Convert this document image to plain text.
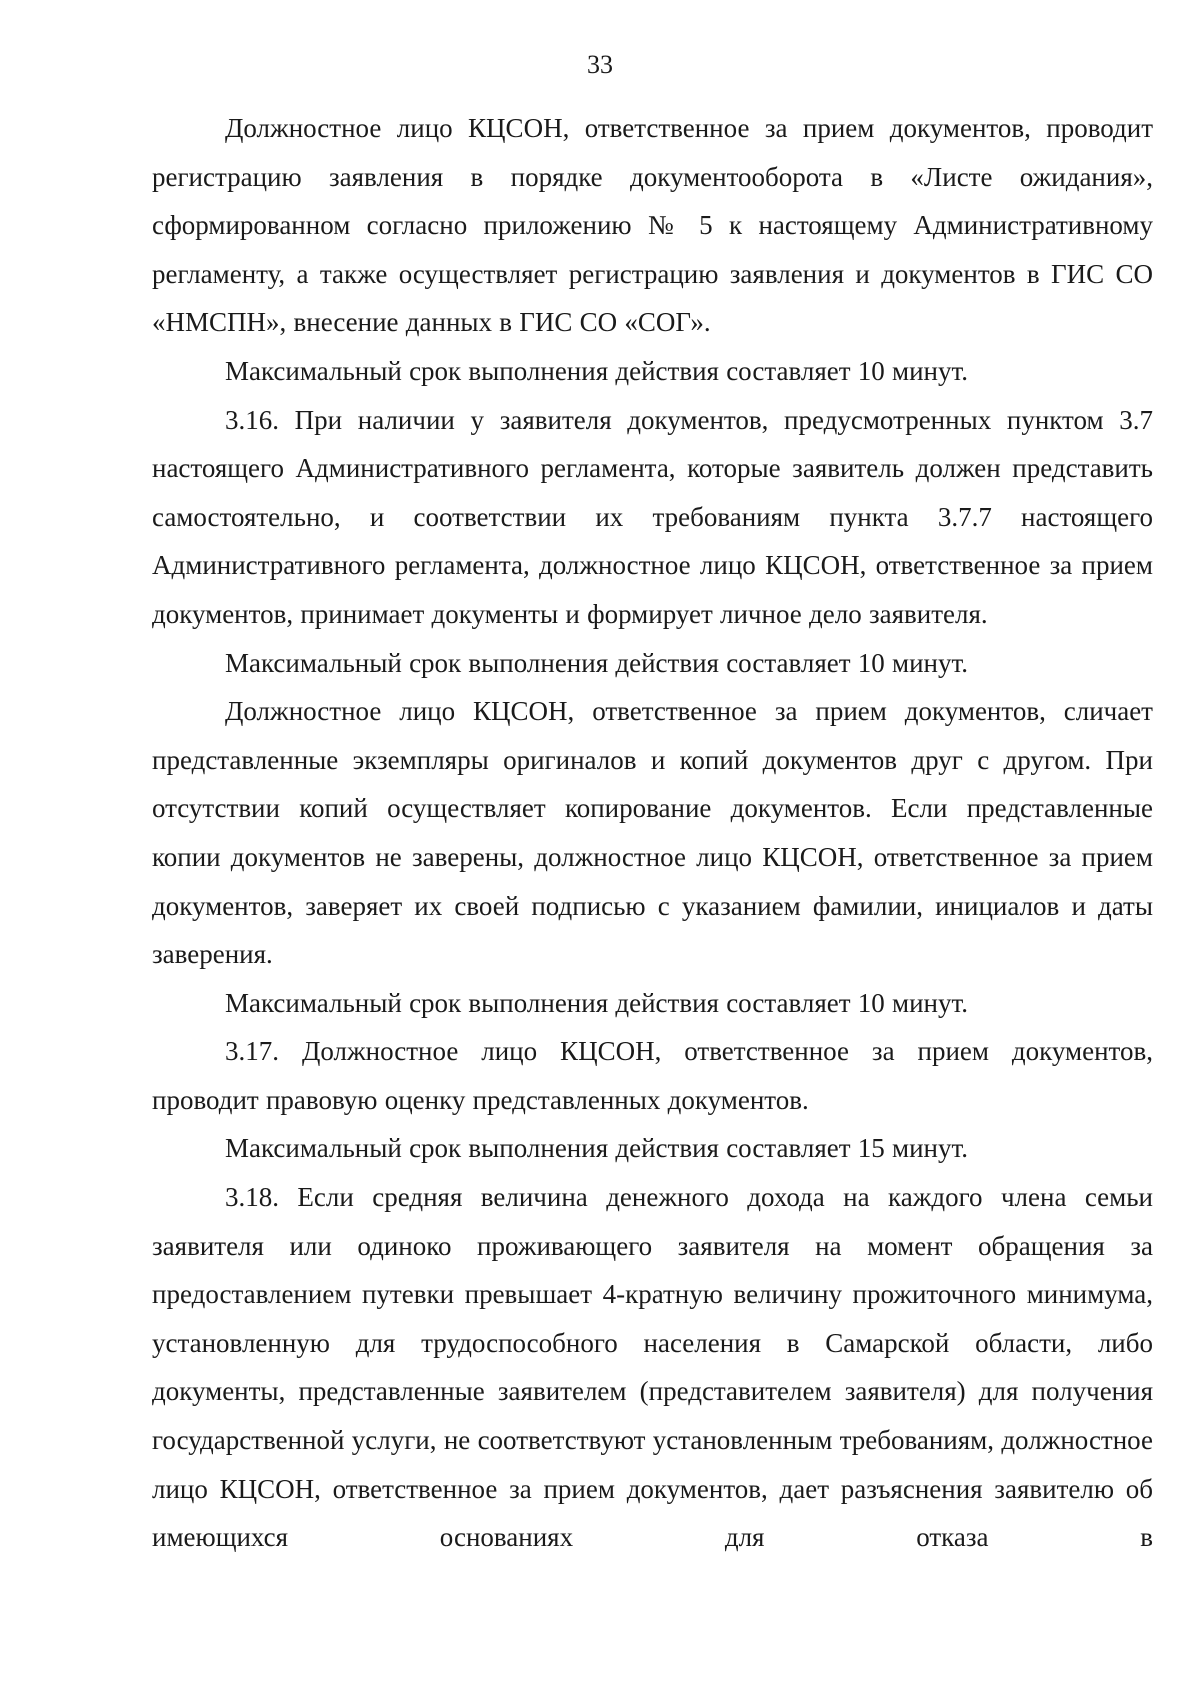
33

Должностное лицо КЦСОН, ответственное за прием документов, проводит регистрацию заявления в порядке документооборота в «Листе ожидания», сформированном согласно приложению № 5 к настоящему Административному регламенту, а также осуществляет регистрацию заявления и документов в ГИС СО «НМСПН», внесение данных в ГИС СО «СОГ».

Максимальный срок выполнения действия составляет 10 минут.

3.16. При наличии у заявителя документов, предусмотренных пунктом 3.7 настоящего Административного регламента, которые заявитель должен представить самостоятельно, и соответствии их требованиям пункта 3.7.7 настоящего Административного регламента, должностное лицо КЦСОН, ответственное за прием документов, принимает документы и формирует личное дело заявителя.

Максимальный срок выполнения действия составляет 10 минут.

Должностное лицо КЦСОН, ответственное за прием документов, сличает представленные экземпляры оригиналов и копий документов друг с другом. При отсутствии копий осуществляет копирование документов. Если представленные копии документов не заверены, должностное лицо КЦСОН, ответственное за прием документов, заверяет их своей подписью с указанием фамилии, инициалов и даты заверения.

Максимальный срок выполнения действия составляет 10 минут.

3.17. Должностное лицо КЦСОН, ответственное за прием документов, проводит правовую оценку представленных документов.

Максимальный срок выполнения действия составляет 15 минут.

3.18. Если средняя величина денежного дохода на каждого члена семьи заявителя или одиноко проживающего заявителя на момент обращения за предоставлением путевки превышает 4-кратную величину прожиточного минимума, установленную для трудоспособного населения в Самарской области, либо документы, представленные заявителем (представителем заявителя) для получения государственной услуги, не соответствуют установленным требованиям, должностное лицо КЦСОН, ответственное за прием документов, дает разъяснения заявителю об имеющихся основаниях для отказа в
